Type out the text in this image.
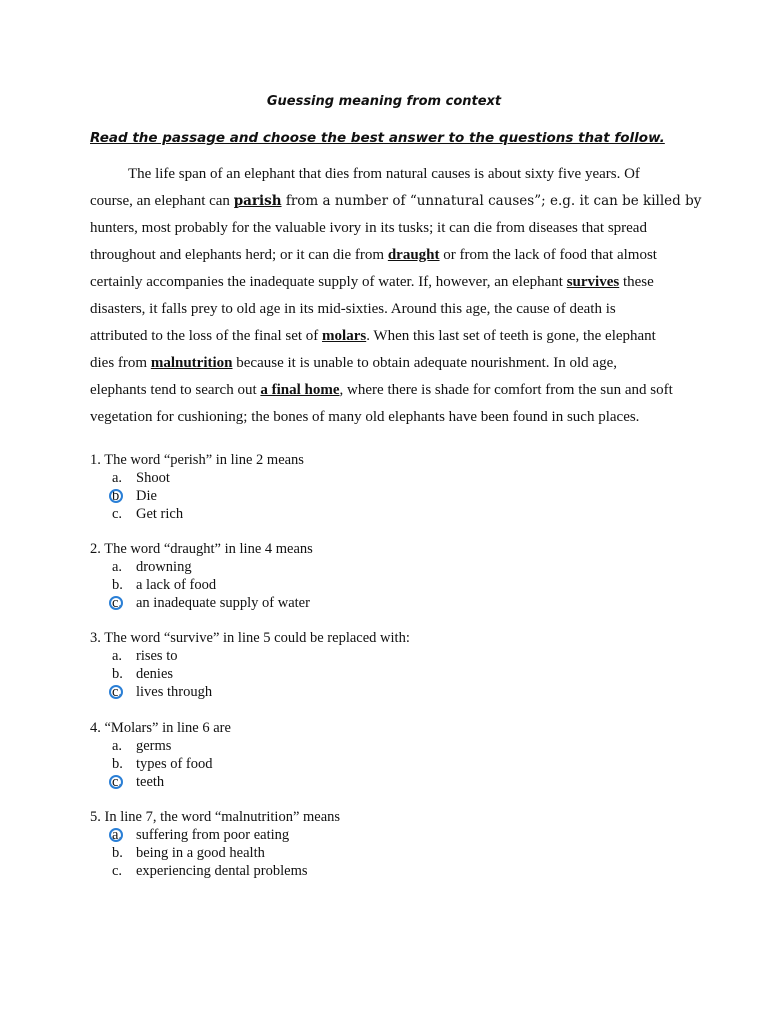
Guessing meaning from context
Read the passage and choose the best answer to the questions that follow.
The life span of an elephant that dies from natural causes is about sixty five years. Of
course, an elephant can parish from a number of “unnatural causes”; e.g. it can be killed by
hunters, most probably for the valuable ivory in its tusks; it can die from diseases that spread
throughout and elephants herd; or it can die from draught or from the lack of food that almost
certainly accompanies the inadequate supply of water. If, however, an elephant survives these
disasters, it falls prey to old age in its mid-sixties. Around this age, the cause of death is
attributed to the loss of the final set of molars. When this last set of teeth is gone, the elephant
dies from malnutrition because it is unable to obtain adequate nourishment. In old age,
elephants tend to search out a final home, where there is shade for comfort from the sun and soft
vegetation for cushioning; the bones of many old elephants have been found in such places.
1. The word “perish” in line 2 means
a. Shoot
b. Die
c. Get rich
2. The word “draught” in line 4 means
a. drowning
b. a lack of food
c. an inadequate supply of water
3. The word “survive” in line 5 could be replaced with:
a. rises to
b. denies
c. lives through
4. “Molars” in line 6 are
a. germs
b. types of food
c. teeth
5. In line 7, the word “malnutrition” means
a. suffering from poor eating
b. being in a good health
c. experiencing dental problems
